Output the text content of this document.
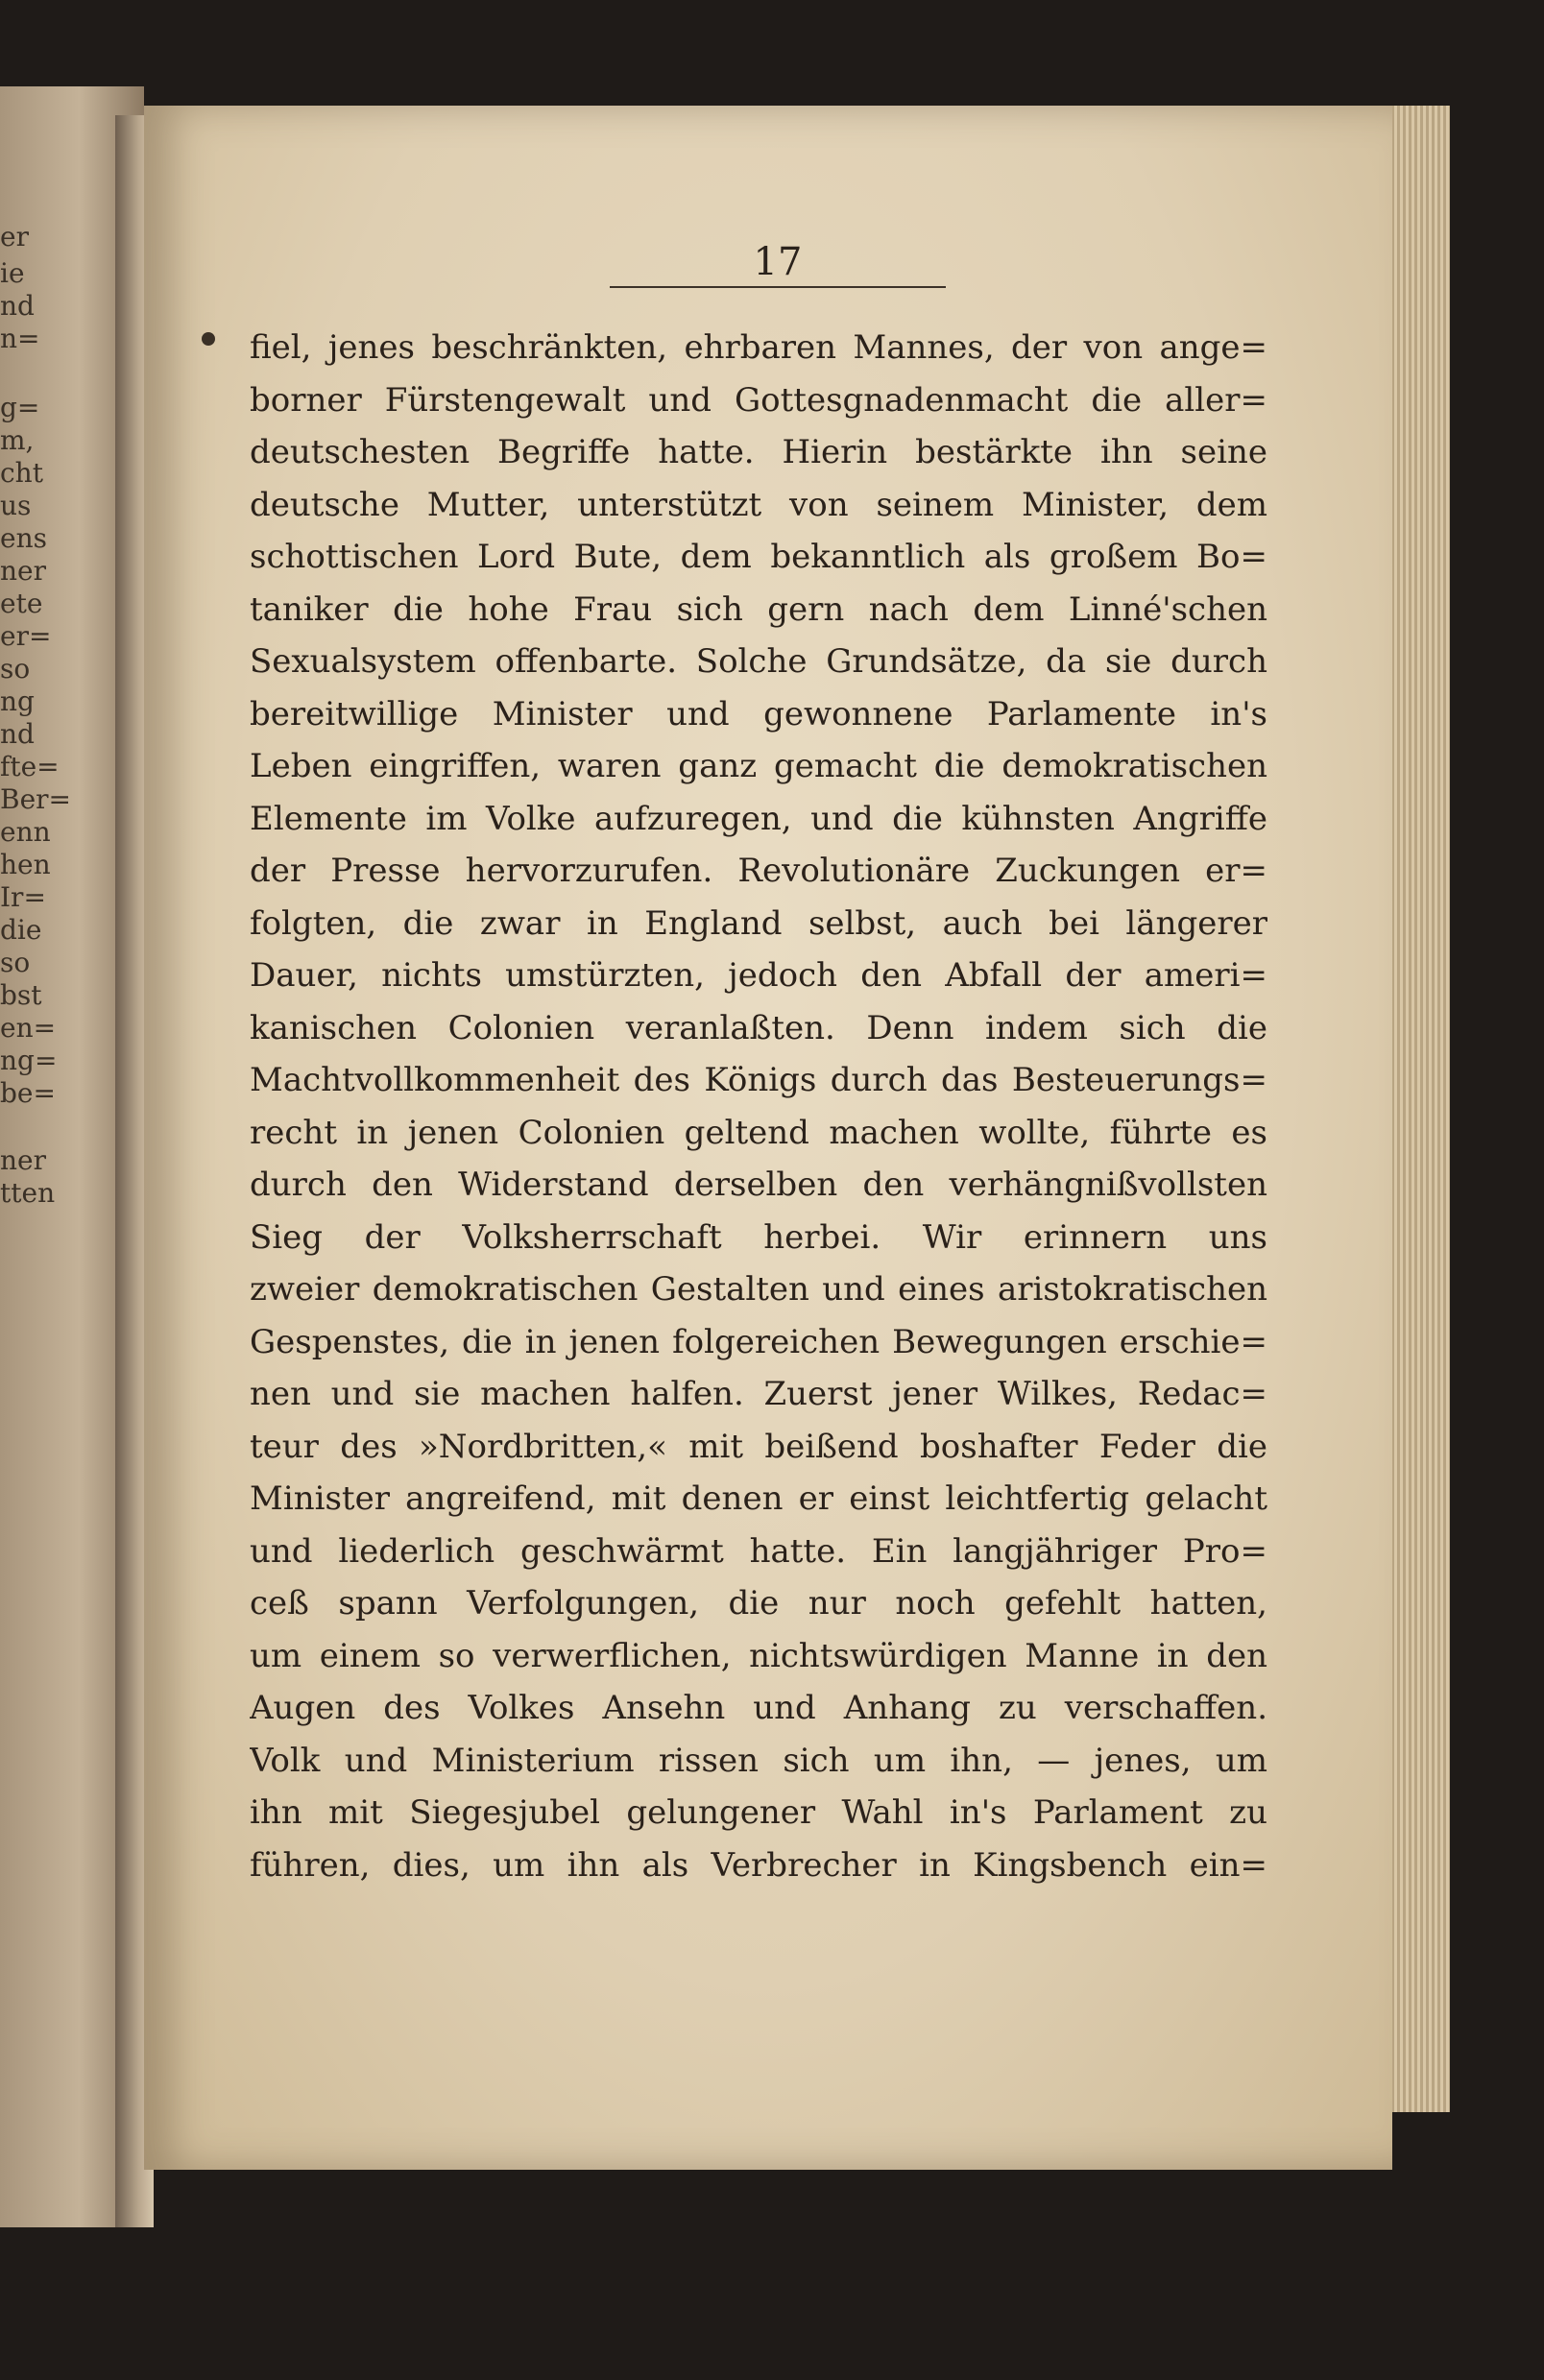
er
ie
nd
n=
g=
m,
cht
us
ens
ner
ete
er=
so
ng
nd
fte=
Ber=
enn
hen
Ir=
die
so
bst
en=
ng=
be=
ner
tten
17
fiel, jenes beschränkten, ehrbaren Mannes, der von ange=
borner Fürstengewalt und Gottesgnadenmacht die aller=
deutschesten Begriffe hatte. Hierin bestärkte ihn seine
deutsche Mutter, unterstützt von seinem Minister, dem
schottischen Lord Bute, dem bekanntlich als großem Bo=
taniker die hohe Frau sich gern nach dem Linné'schen
Sexualsystem offenbarte. Solche Grundsätze, da sie durch
bereitwillige Minister und gewonnene Parlamente in's
Leben eingriffen, waren ganz gemacht die demokratischen
Elemente im Volke aufzuregen, und die kühnsten Angriffe
der Presse hervorzurufen. Revolutionäre Zuckungen er=
folgten, die zwar in England selbst, auch bei längerer
Dauer, nichts umstürzten, jedoch den Abfall der ameri=
kanischen Colonien veranlaßten. Denn indem sich die
Machtvollkommenheit des Königs durch das Besteuerungs=
recht in jenen Colonien geltend machen wollte, führte es
durch den Widerstand derselben den verhängnißvollsten
Sieg der Volksherrschaft herbei. Wir erinnern uns
zweier demokratischen Gestalten und eines aristokratischen
Gespenstes, die in jenen folgereichen Bewegungen erschie=
nen und sie machen halfen. Zuerst jener Wilkes, Redac=
teur des »Nordbritten,« mit beißend boshafter Feder die
Minister angreifend, mit denen er einst leichtfertig gelacht
und liederlich geschwärmt hatte. Ein langjähriger Pro=
ceß spann Verfolgungen, die nur noch gefehlt hatten,
um einem so verwerflichen, nichtswürdigen Manne in den
Augen des Volkes Ansehn und Anhang zu verschaffen.
Volk und Ministerium rissen sich um ihn, — jenes, um
ihn mit Siegesjubel gelungener Wahl in's Parlament zu
führen, dies, um ihn als Verbrecher in Kingsbench ein=
